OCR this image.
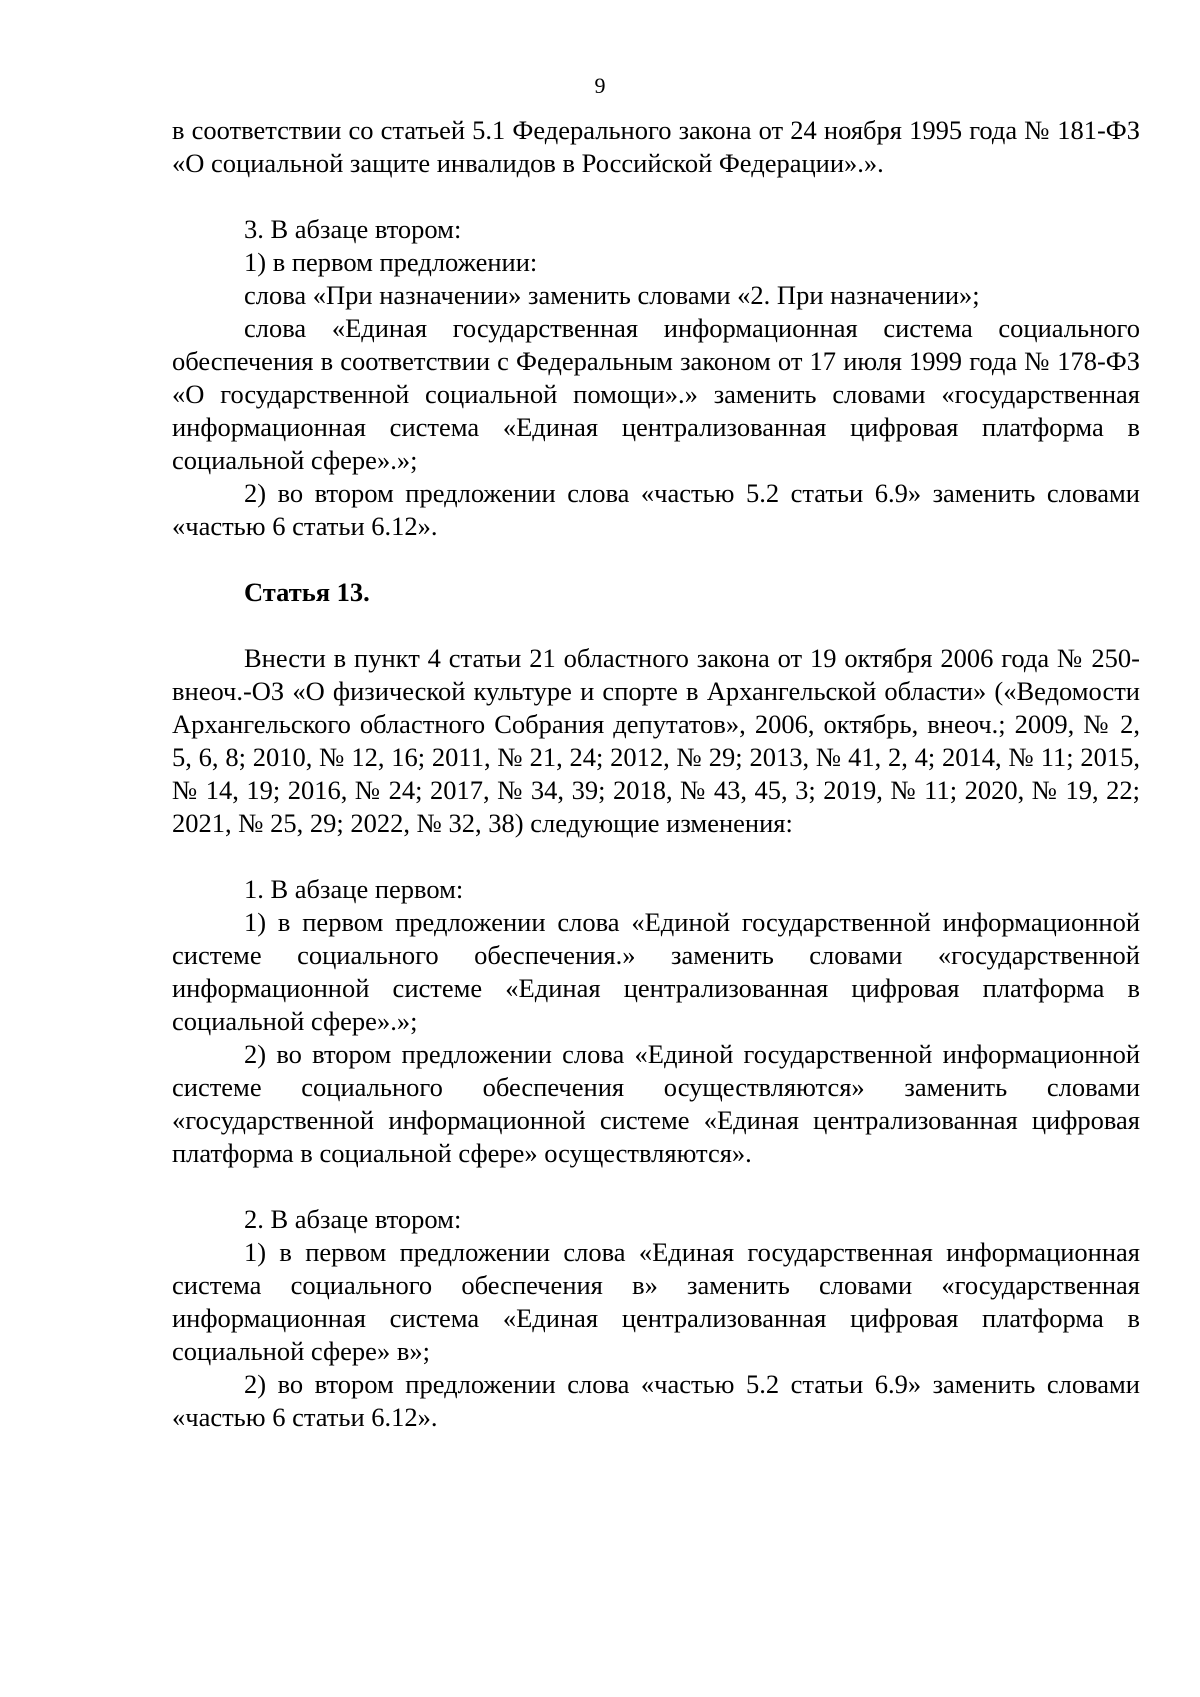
9

в соответствии со статьей 5.1 Федерального закона от 24 ноября 1995 года № 181-ФЗ «О социальной защите инвалидов в Российской Федерации».».

3. В абзаце втором:

1) в первом предложении:

слова «При назначении» заменить словами «2. При назначении»;

слова «Единая государственная информационная система социального обеспечения в соответствии с Федеральным законом от 17 июля 1999 года № 178-ФЗ «О государственной социальной помощи».» заменить словами «государственная информационная система «Единая централизованная цифровая платформа в социальной сфере».»;

2) во втором предложении слова «частью 5.2 статьи 6.9» заменить словами «частью 6 статьи 6.12».

Статья 13.

Внести в пункт 4 статьи 21 областного закона от 19 октября 2006 года № 250-внеоч.-ОЗ «О физической культуре и спорте в Архангельской области» («Ведомости Архангельского областного Собрания депутатов», 2006, октябрь, внеоч.; 2009, № 2, 5, 6, 8; 2010, № 12, 16; 2011, № 21, 24; 2012, № 29; 2013, № 41, 2, 4; 2014, № 11; 2015, № 14, 19; 2016, № 24; 2017, № 34, 39; 2018, № 43, 45, 3; 2019, № 11; 2020, № 19, 22; 2021, № 25, 29; 2022, № 32, 38) следующие изменения:

1. В абзаце первом:

1) в первом предложении слова «Единой государственной информационной системе социального обеспечения.» заменить словами «государственной информационной системе «Единая централизованная цифровая платформа в социальной сфере».»;

2) во втором предложении слова «Единой государственной информационной системе социального обеспечения осуществляются» заменить словами «государственной информационной системе «Единая централизованная цифровая платформа в социальной сфере» осуществляются».

2. В абзаце втором:

1) в первом предложении слова «Единая государственная информационная система социального обеспечения в» заменить словами «государственная информационная система «Единая централизованная цифровая платформа в социальной сфере» в»;

2) во втором предложении слова «частью 5.2 статьи 6.9» заменить словами «частью 6 статьи 6.12».
